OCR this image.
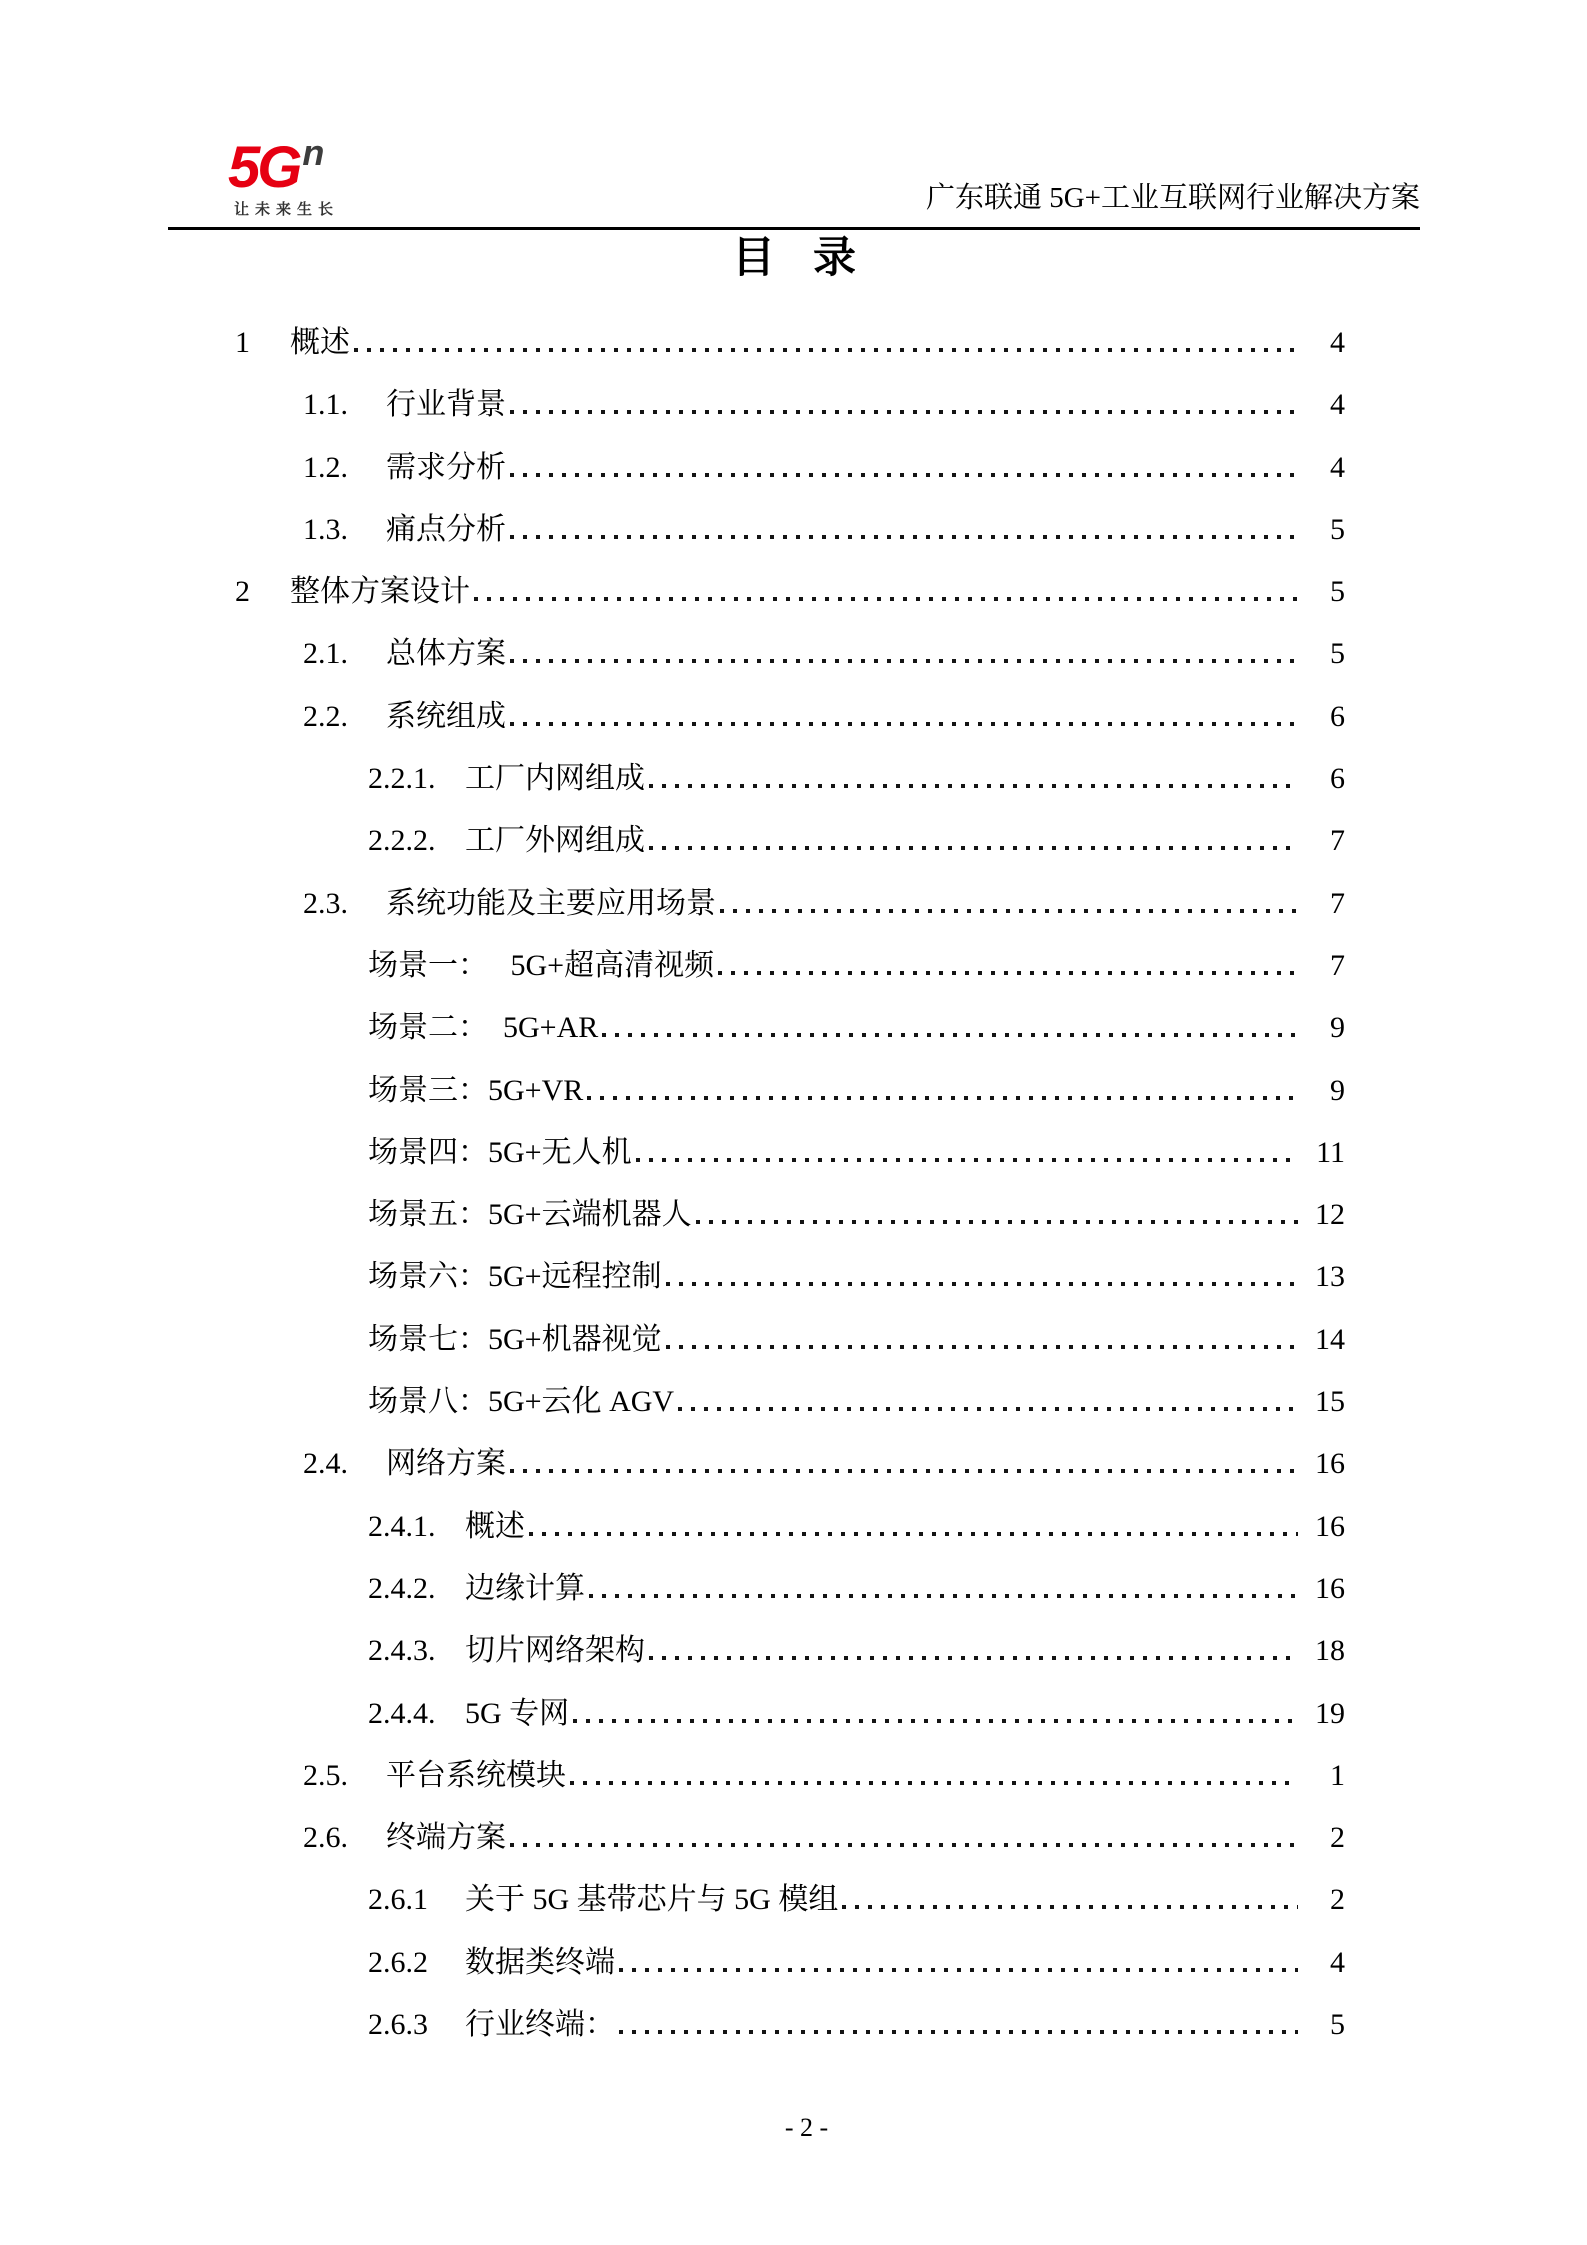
$5G^n$
让未来生长	广东联通 5G+工业互联网行业解决方案
目 录
1	概述	4
1.1.	行业背景	4
1.2.	需求分析	4
1.3.	痛点分析	5
2	整体方案设计	5
2.1.	总体方案	5
2.2.	系统组成	6
2.2.1. 工厂内网组成	6
2.2.2. 工厂外网组成	7
2.3.	系统功能及主要应用场景	7
场景一：   5G+超高清视频	7
场景二：  5G+AR	9
场景三：5G+VR	9
场景四：5G+无人机	11
场景五：5G+云端机器人	12
场景六：5G+远程控制	13
场景七：5G+机器视觉	14
场景八：5G+云化 AGV	15
2.4.	网络方案	16
2.4.1. 概述	16
2.4.2. 边缘计算	16
2.4.3. 切片网络架构	18
2.4.4. 5G 专网	19
2.5.	平台系统模块	1
2.6.	终端方案	2
2.6.1	关于 5G 基带芯片与 5G 模组	2
2.6.2	数据类终端	4
2.6.3	行业终端：	5

- 2 -
